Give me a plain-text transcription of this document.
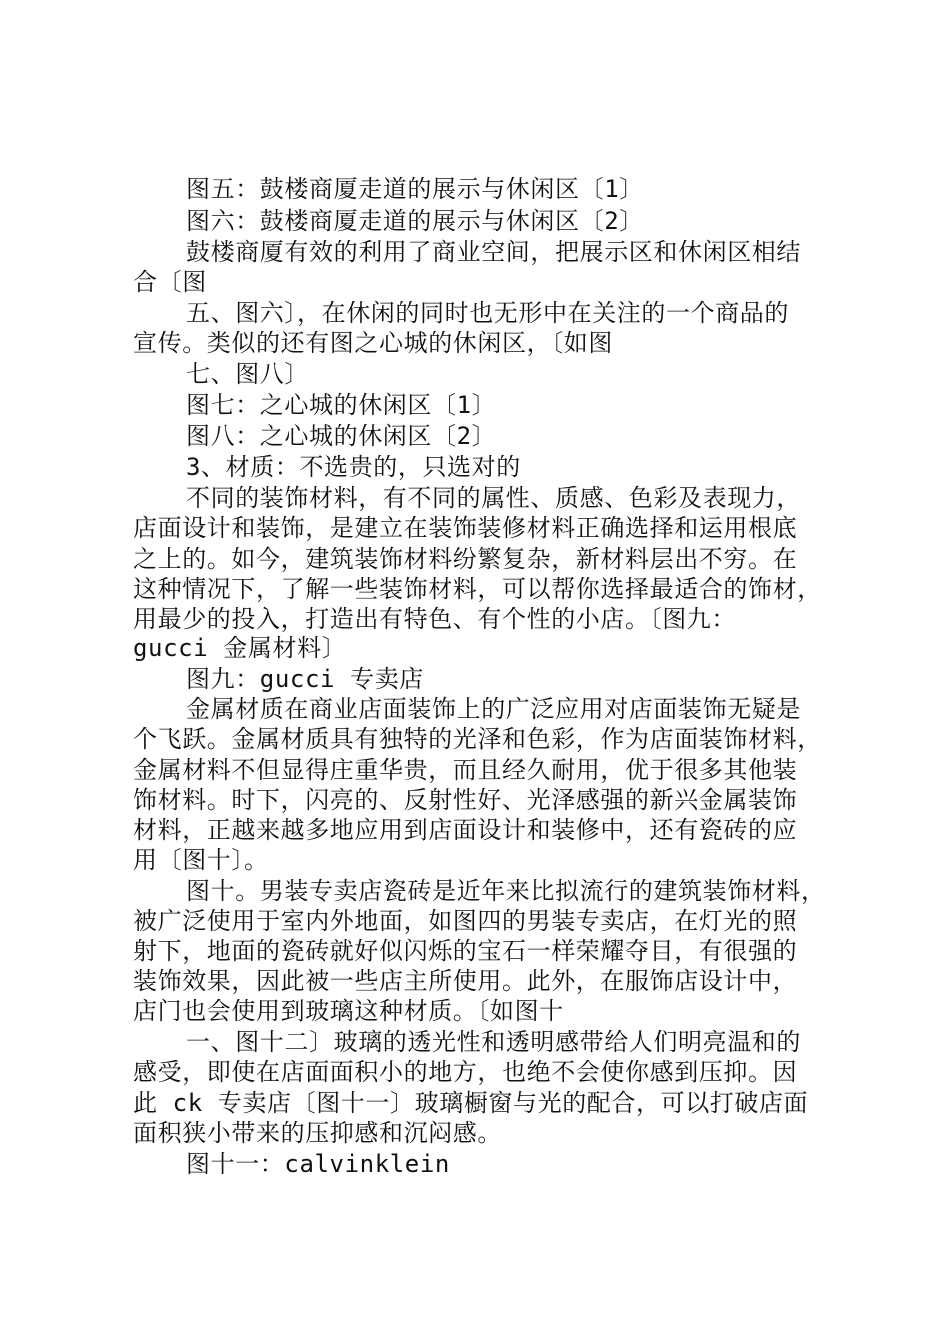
图五：鼓楼商厦走道的展示与休闲区〔1〕
图六：鼓楼商厦走道的展示与休闲区〔2〕
鼓楼商厦有效的利用了商业空间，把展示区和休闲区相结
合〔图
五、图六〕，在休闲的同时也无形中在关注的一个商品的
宣传。类似的还有图之心城的休闲区，〔如图
七、图八〕
图七：之心城的休闲区〔1〕
图八：之心城的休闲区〔2〕
3、材质：不选贵的，只选对的
不同的装饰材料，有不同的属性、质感、色彩及表现力，
店面设计和装饰，是建立在装饰装修材料正确选择和运用根底
之上的。如今，建筑装饰材料纷繁复杂，新材料层出不穷。在
这种情况下，了解一些装饰材料，可以帮你选择最适合的饰材，
用最少的投入，打造出有特色、有个性的小店。〔图九：
gucci 金属材料〕
图九：gucci 专卖店
金属材质在商业店面装饰上的广泛应用对店面装饰无疑是
个飞跃。金属材质具有独特的光泽和色彩，作为店面装饰材料，
金属材料不但显得庄重华贵，而且经久耐用，优于很多其他装
饰材料。时下，闪亮的、反射性好、光泽感强的新兴金属装饰
材料，正越来越多地应用到店面设计和装修中，还有瓷砖的应
用〔图十〕。
图十。男装专卖店瓷砖是近年来比拟流行的建筑装饰材料，
被广泛使用于室内外地面，如图四的男装专卖店，在灯光的照
射下，地面的瓷砖就好似闪烁的宝石一样荣耀夺目，有很强的
装饰效果，因此被一些店主所使用。此外，在服饰店设计中，
店门也会使用到玻璃这种材质。〔如图十
一、图十二〕玻璃的透光性和透明感带给人们明亮温和的
感受，即使在店面面积小的地方，也绝不会使你感到压抑。因
此 ck 专卖店〔图十一〕玻璃橱窗与光的配合，可以打破店面
面积狭小带来的压抑感和沉闷感。
图十一：calvinklein
